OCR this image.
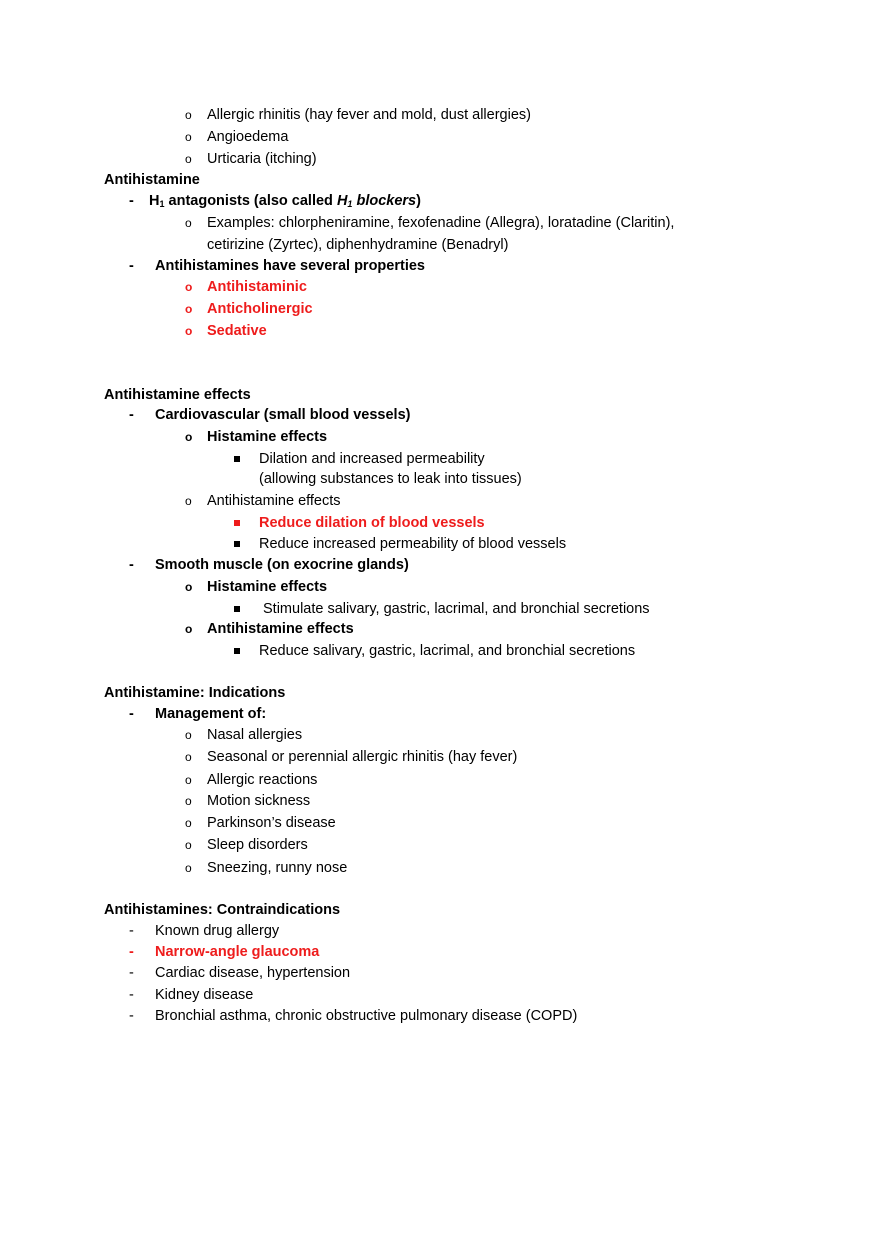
o Allergic rhinitis (hay fever and mold, dust allergies)
o Angioedema
o Urticaria (itching)
Antihistamine
- $H_1$ antagonists (also called $H_1$ blockers)
o Examples: chlorpheniramine, fexofenadine (Allegra), loratadine (Claritin),
cetirizine (Zyrtec), diphenhydramine (Benadryl)
- Antihistamines have several properties
o Antihistaminic
o Anticholinergic
o Sedative
Antihistamine effects
- Cardiovascular (small blood vessels)
o Histamine effects
Dilation and increased permeability
(allowing substances to leak into tissues)
o Antihistamine effects
Reduce dilation of blood vessels
Reduce increased permeability of blood vessels
- Smooth muscle (on exocrine glands)
o Histamine effects
Stimulate salivary, gastric, lacrimal, and bronchial secretions
o Antihistamine effects
Reduce salivary, gastric, lacrimal, and bronchial secretions
Antihistamine: Indications
- Management of:
o Nasal allergies
o Seasonal or perennial allergic rhinitis (hay fever)
o Allergic reactions
o Motion sickness
o Parkinson’s disease
o Sleep disorders
o Sneezing, runny nose
Antihistamines: Contraindications
- Known drug allergy
- Narrow-angle glaucoma
- Cardiac disease, hypertension
- Kidney disease
- Bronchial asthma, chronic obstructive pulmonary disease (COPD)
